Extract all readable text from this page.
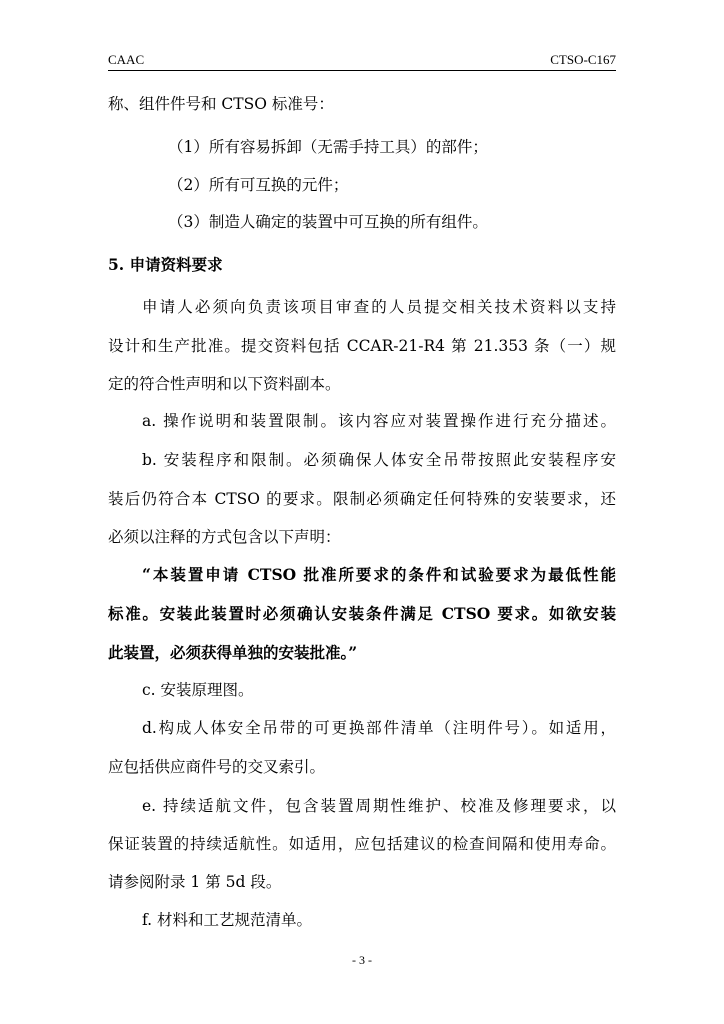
CAAC	CTSO-C167
称、组件件号和 CTSO 标准号：
（1）所有容易拆卸（无需手持工具）的部件；
（2）所有可互换的元件；
（3）制造人确定的装置中可互换的所有组件。
5. 申请资料要求
申请人必须向负责该项目审查的人员提交相关技术资料以支持
设计和生产批准。提交资料包括 CCAR-21-R4 第 21.353 条（一）规
定的符合性声明和以下资料副本。
a. 操作说明和装置限制。该内容应对装置操作进行充分描述。
b. 安装程序和限制。必须确保人体安全吊带按照此安装程序安
装后仍符合本 CTSO 的要求。限制必须确定任何特殊的安装要求，还
必须以注释的方式包含以下声明：
“本装置申请 CTSO 批准所要求的条件和试验要求为最低性能
标准。安装此装置时必须确认安装条件满足 CTSO 要求。如欲安装
此装置，必须获得单独的安装批准。”
c. 安装原理图。
d.构成人体安全吊带的可更换部件清单（注明件号）。如适用，
应包括供应商件号的交叉索引。
e. 持续适航文件，包含装置周期性维护、校准及修理要求，以
保证装置的持续适航性。如适用，应包括建议的检查间隔和使用寿命。
请参阅附录 1 第 5d 段。
f. 材料和工艺规范清单。
- 3 -
